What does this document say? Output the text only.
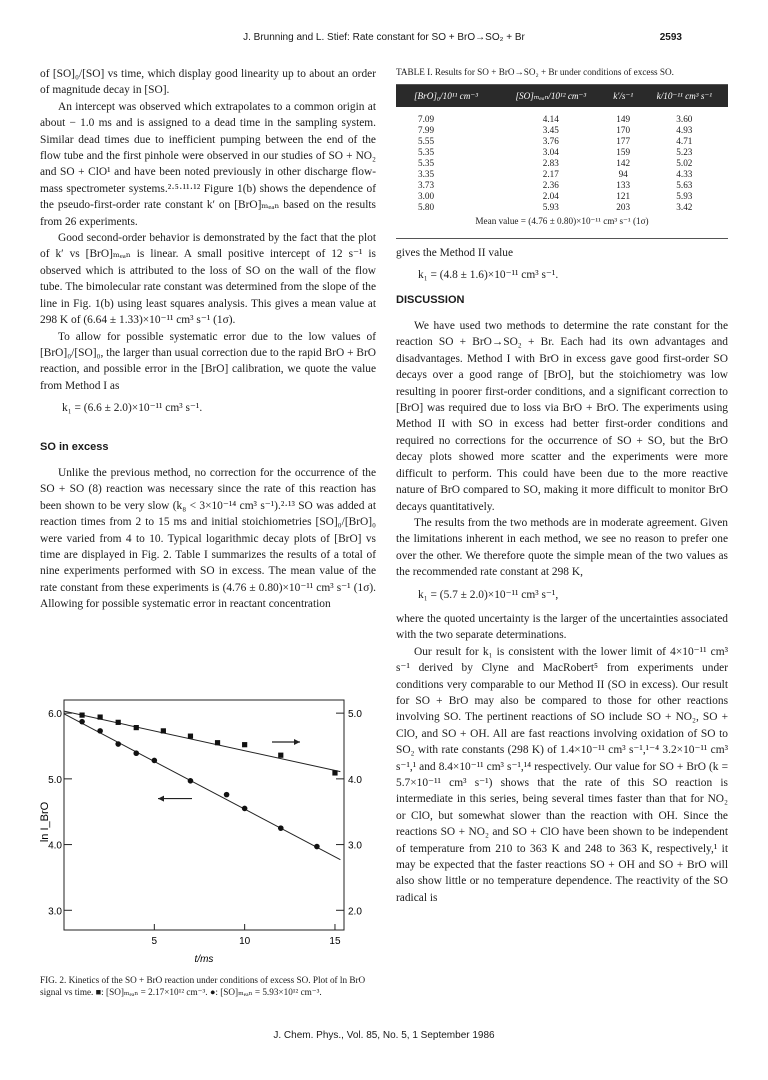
J. Brunning and L. Stief: Rate constant for SO + BrO→SO₂ + Br	2593

of [SO]₀/[SO] vs time, which display good linearity up to about an order of magnitude decay in [SO].

An intercept was observed which extrapolates to a common origin at about − 1.0 ms and is assigned to a dead time in the sampling system. Similar dead times due to inefficient pumping between the end of the flow tube and the first pinhole were observed in our studies of SO + NO₂ and SO + ClO¹ and have been noted previously in other discharge flow-mass spectrometer systems.²·⁵·¹¹·¹² Figure 1(b) shows the dependence of the pseudo-first-order rate constant k′ on [BrO]ₘₑₐₙ based on the results from 26 experiments.

Good second-order behavior is demonstrated by the fact that the plot of k′ vs [BrO]ₘₑₐₙ is linear. A small positive intercept of 12 s⁻¹ is observed which is attributed to the loss of SO on the wall of the flow tube. The bimolecular rate constant was determined from the slope of the line in Fig. 1(b) using least squares analysis. This gives a mean value at 298 K of (6.64 ± 1.33)×10⁻¹¹ cm³ s⁻¹ (1σ).

To allow for possible systematic error due to the low values of [BrO]₀/[SO]₀, the larger than usual correction due to the rapid BrO + BrO reaction, and possible error in the [BrO] calibration, we quote the value from Method I as

k₁ = (6.6 ± 2.0)×10⁻¹¹ cm³ s⁻¹.

SO in excess

Unlike the previous method, no correction for the occurrence of the SO + SO (8) reaction was necessary since the rate of this reaction has been shown to be very slow (k₈ < 3×10⁻¹⁴ cm³ s⁻¹).²·¹³ SO was added at reaction times from 2 to 15 ms and initial stoichiometries [SO]₀/[BrO]₀ were varied from 4 to 10. Typical logarithmic decay plots of [BrO] vs time are displayed in Fig. 2. Table I summarizes the results of a total of nine experiments performed with SO in excess. The mean value of the rate constant from these experiments is (4.76 ± 0.80)×10⁻¹¹ cm³ s⁻¹ (1σ). Allowing for possible systematic error in reactant concentration

TABLE I. Results for SO + BrO→SO₂ + Br under conditions of excess SO.
[BrO]₀/10¹¹ cm⁻³	[SO]ₘₑₐₙ/10¹² cm⁻³	k′/s⁻¹	k/10⁻¹¹ cm³ s⁻¹
7.09	4.14	149	3.60
7.99	3.45	170	4.93
5.55	3.76	177	4.71
5.35	3.04	159	5.23
5.35	2.83	142	5.02
3.35	2.17	94	4.33
3.73	2.36	133	5.63
3.00	2.04	121	5.93
5.80	5.93	203	3.42
Mean value = (4.76 ± 0.80)×10⁻¹¹ cm³ s⁻¹ (1σ)

gives the Method II value

k₁ = (4.8 ± 1.6)×10⁻¹¹ cm³ s⁻¹.

DISCUSSION

We have used two methods to determine the rate constant for the reaction SO + BrO→SO₂ + Br. Each had its own advantages and disadvantages. Method I with BrO in excess gave good first-order SO decays over a good range of [BrO], but the stoichiometry was low resulting in poorer first-order conditions, and a significant correction to [BrO] was required due to loss via BrO + BrO. The experiments using Method II with SO in excess had better first-order conditions and required no corrections for the occurrence of SO + SO, but the BrO decay plots showed more scatter and the experiments were more difficult to perform. This could have been due to the more reactive nature of BrO compared to SO, making it more difficult to monitor BrO decays quantitatively.

The results from the two methods are in moderate agreement. Given the limitations inherent in each method, we see no reason to prefer one over the other. We therefore quote the simple mean of the two values as the recommended rate constant at 298 K,

k₁ = (5.7 ± 2.0)×10⁻¹¹ cm³ s⁻¹,

where the quoted uncertainty is the larger of the uncertainties associated with the two separate determinations.

Our result for k₁ is consistent with the lower limit of 4×10⁻¹¹ cm³ s⁻¹ derived by Clyne and MacRobert⁵ from experiments under conditions very comparable to our Method II (SO in excess). Our result for SO + BrO may also be compared to those for other reactions involving SO. The pertinent reactions of SO include SO + NO₂, SO + ClO, and SO + OH. All are fast reactions involving oxidation of SO to SO₂ with rate constants (298 K) of 1.4×10⁻¹¹ cm³ s⁻¹,¹⁻⁴ 3.2×10⁻¹¹ cm³ s⁻¹,¹ and 8.4×10⁻¹¹ cm³ s⁻¹,¹⁴ respectively. Our value for SO + BrO (k = 5.7×10⁻¹¹ cm³ s⁻¹) shows that the rate of this SO reaction is intermediate in this series, being several times faster than that for NO₂ or ClO, but somewhat slower than the reaction with OH. Since the reactions SO + NO₂ and SO + ClO have been shown to be independent of temperature from 210 to 363 K and 248 to 363 K, respectively,¹ it may be expected that the faster reactions SO + OH and SO + BrO will also show little or no temperature dependence. The reactivity of the SO radical is

ln I_BrO
t/ms
5	10	15
6.0
5.0
4.0
3.0
5.0
4.0
3.0
2.0
FIG. 2. Kinetics of the SO + BrO reaction under conditions of excess SO. Plot of ln BrO signal vs time. ■: [SO]ₘₑₐₙ = 2.17×10¹² cm⁻³. ●: [SO]ₘₑₐₙ = 5.93×10¹² cm⁻³.
J. Chem. Phys., Vol. 85, No. 5, 1 September 1986
